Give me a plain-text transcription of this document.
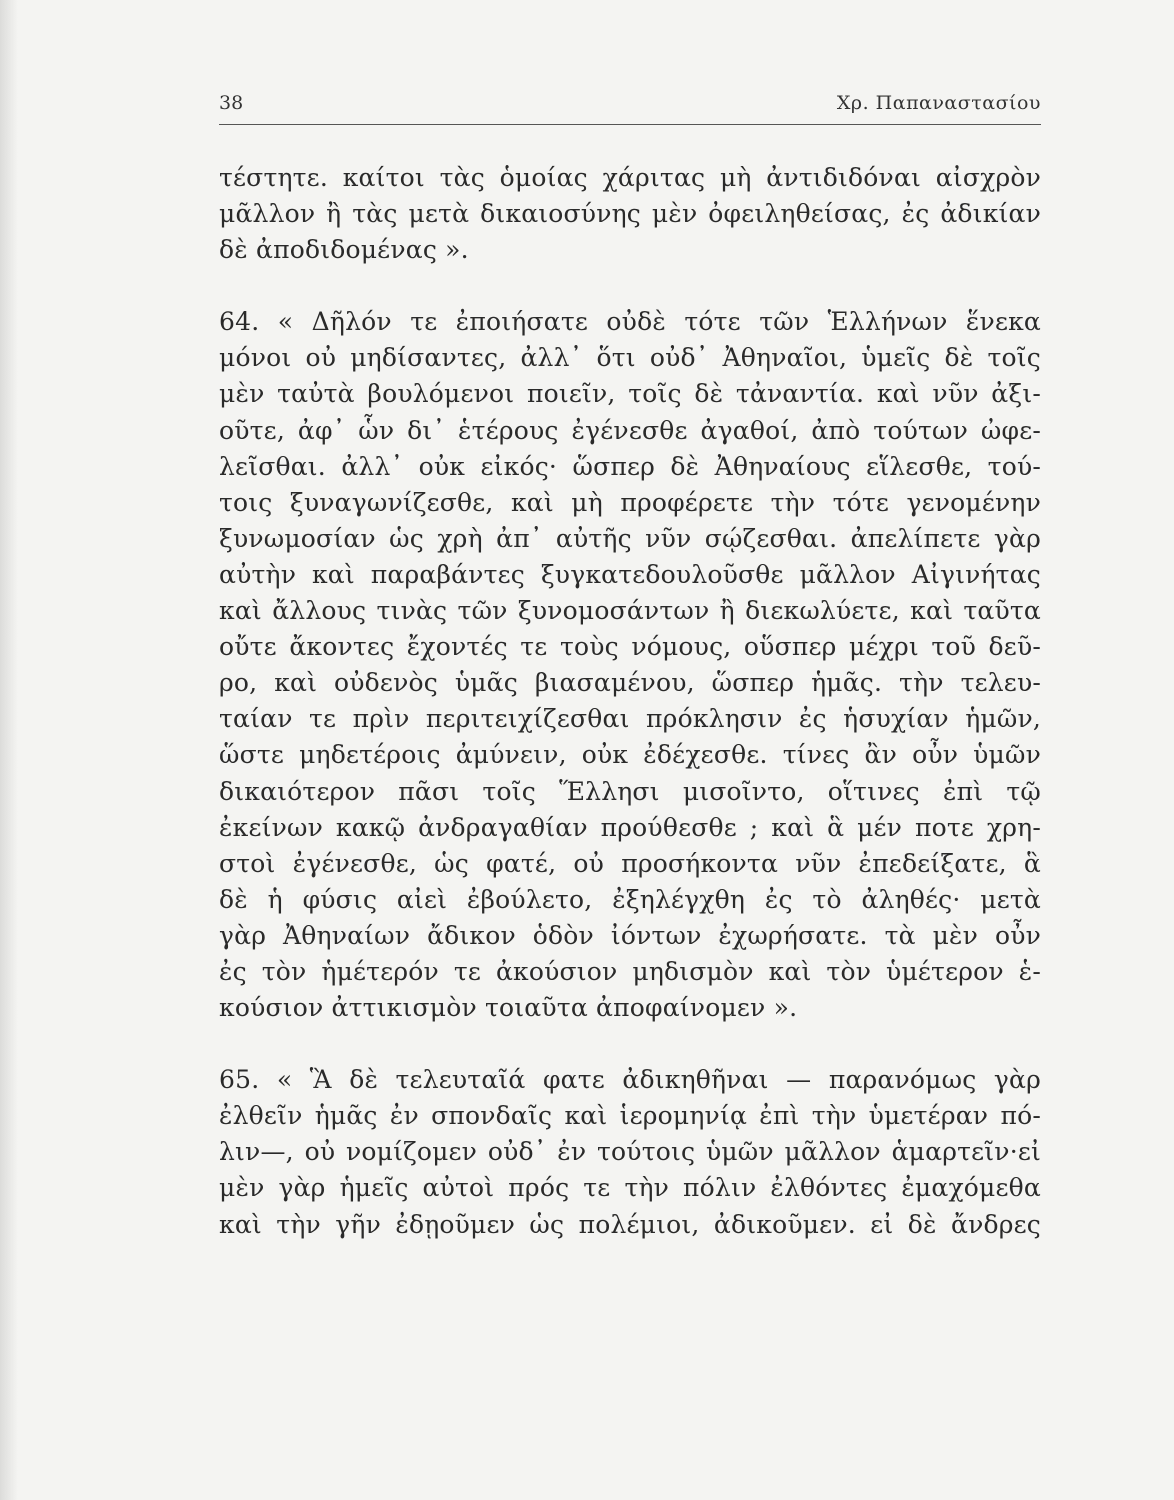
38	Χρ. Παπαναστασίου
τέστητε. καίτοι τὰς ὁμοίας χάριτας μὴ ἀντιδιδόναι αἰσχρὸν
μᾶλλον ἢ τὰς μετὰ δικαιοσύνης μὲν ὀφειληθείσας, ἐς ἀδικίαν
δὲ ἀποδιδομένας ».
64. « Δῆλόν τε ἐποιήσατε οὐδὲ τότε τῶν Ἑλλήνων ἕνεκα
μόνοι οὐ μηδίσαντες, ἀλλ᾽ ὅτι οὐδ᾽ Ἀθηναῖοι, ὑμεῖς δὲ τοῖς
μὲν ταὐτὰ βουλόμενοι ποιεῖν, τοῖς δὲ τἀναντία. καὶ νῦν ἀξι-
οῦτε, ἀφ᾽ ὧν δι᾽ ἑτέρους ἐγένεσθε ἀγαθοί, ἀπὸ τούτων ὠφε-
λεῖσθαι. ἀλλ᾽ οὐκ εἰκός· ὥσπερ δὲ Ἀθηναίους εἵλεσθε, τού-
τοις ξυναγωνίζεσθε, καὶ μὴ προφέρετε τὴν τότε γενομένην
ξυνωμοσίαν ὡς χρὴ ἀπ᾽ αὐτῆς νῦν σῴζεσθαι. ἀπελίπετε γὰρ
αὐτὴν καὶ παραβάντες ξυγκατεδουλοῦσθε μᾶλλον Αἰγινήτας
καὶ ἄλλους τινὰς τῶν ξυνομοσάντων ἢ διεκωλύετε, καὶ ταῦτα
οὔτε ἄκοντες ἔχοντές τε τοὺς νόμους, οὕσπερ μέχρι τοῦ δεῦ-
ρο, καὶ οὐδενὸς ὑμᾶς βιασαμένου, ὥσπερ ἡμᾶς. τὴν τελευ-
ταίαν τε πρὶν περιτειχίζεσθαι πρόκλησιν ἐς ἡσυχίαν ἡμῶν,
ὥστε μηδετέροις ἀμύνειν, οὐκ ἐδέχεσθε. τίνες ἂν οὖν ὑμῶν
δικαιότερον πᾶσι τοῖς Ἕλλησι μισοῖντο, οἵτινες ἐπὶ τῷ
ἐκείνων κακῷ ἀνδραγαθίαν προύθεσθε ; καὶ ἃ μέν ποτε χρη-
στοὶ ἐγένεσθε, ὡς φατέ, οὐ προσήκοντα νῦν ἐπεδείξατε, ἃ
δὲ ἡ φύσις αἰεὶ ἐβούλετο, ἐξηλέγχθη ἐς τὸ ἀληθές· μετὰ
γὰρ Ἀθηναίων ἄδικον ὁδὸν ἰόντων ἐχωρήσατε. τὰ μὲν οὖν
ἐς τὸν ἡμέτερόν τε ἀκούσιον μηδισμὸν καὶ τὸν ὑμέτερον ἑ-
κούσιον ἀττικισμὸν τοιαῦτα ἀποφαίνομεν ».
65. « Ἃ δὲ τελευταῖά φατε ἀδικηθῆναι — παρανόμως γὰρ
ἐλθεῖν ἡμᾶς ἐν σπονδαῖς καὶ ἱερομηνίᾳ ἐπὶ τὴν ὑμετέραν πό-
λιν—, οὐ νομίζομεν οὐδ᾽ ἐν τούτοις ὑμῶν μᾶλλον ἁμαρτεῖν·εἰ
μὲν γὰρ ἡμεῖς αὐτοὶ πρός τε τὴν πόλιν ἐλθόντες ἐμαχόμεθα
καὶ τὴν γῆν ἐδῃοῦμεν ὡς πολέμιοι, ἀδικοῦμεν. εἰ δὲ ἄνδρες
